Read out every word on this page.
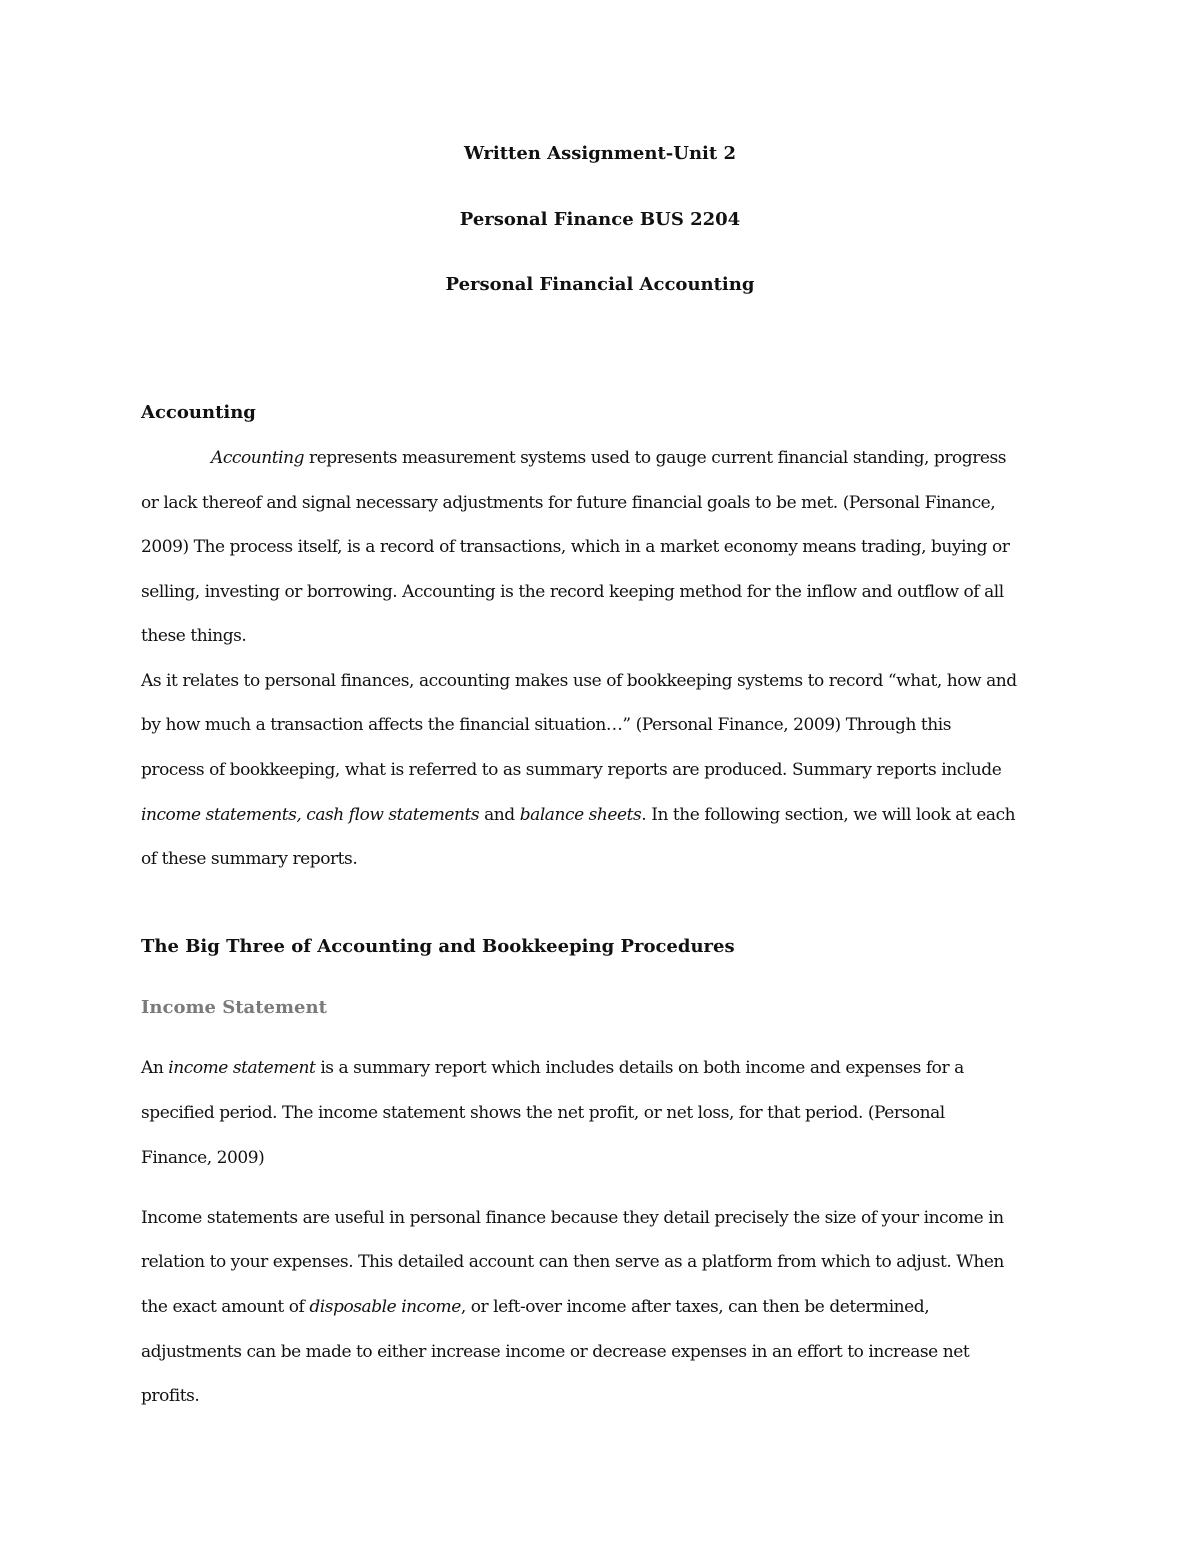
Written Assignment-Unit 2
Personal Finance BUS 2204
Personal Financial Accounting
Accounting
Accounting represents measurement systems used to gauge current financial standing, progress
or lack thereof and signal necessary adjustments for future financial goals to be met. (Personal Finance,
2009) The process itself, is a record of transactions, which in a market economy means trading, buying or
selling, investing or borrowing. Accounting is the record keeping method for the inflow and outflow of all
these things.
As it relates to personal finances, accounting makes use of bookkeeping systems to record “what, how and
by how much a transaction affects the financial situation…” (Personal Finance, 2009) Through this
process of bookkeeping, what is referred to as summary reports are produced. Summary reports include
income statements, cash flow statements and balance sheets. In the following section, we will look at each
of these summary reports.
The Big Three of Accounting and Bookkeeping Procedures
Income Statement
An income statement is a summary report which includes details on both income and expenses for a
specified period. The income statement shows the net profit, or net loss, for that period. (Personal
Finance, 2009)
Income statements are useful in personal finance because they detail precisely the size of your income in
relation to your expenses. This detailed account can then serve as a platform from which to adjust. When
the exact amount of disposable income, or left-over income after taxes, can then be determined,
adjustments can be made to either increase income or decrease expenses in an effort to increase net
profits.
